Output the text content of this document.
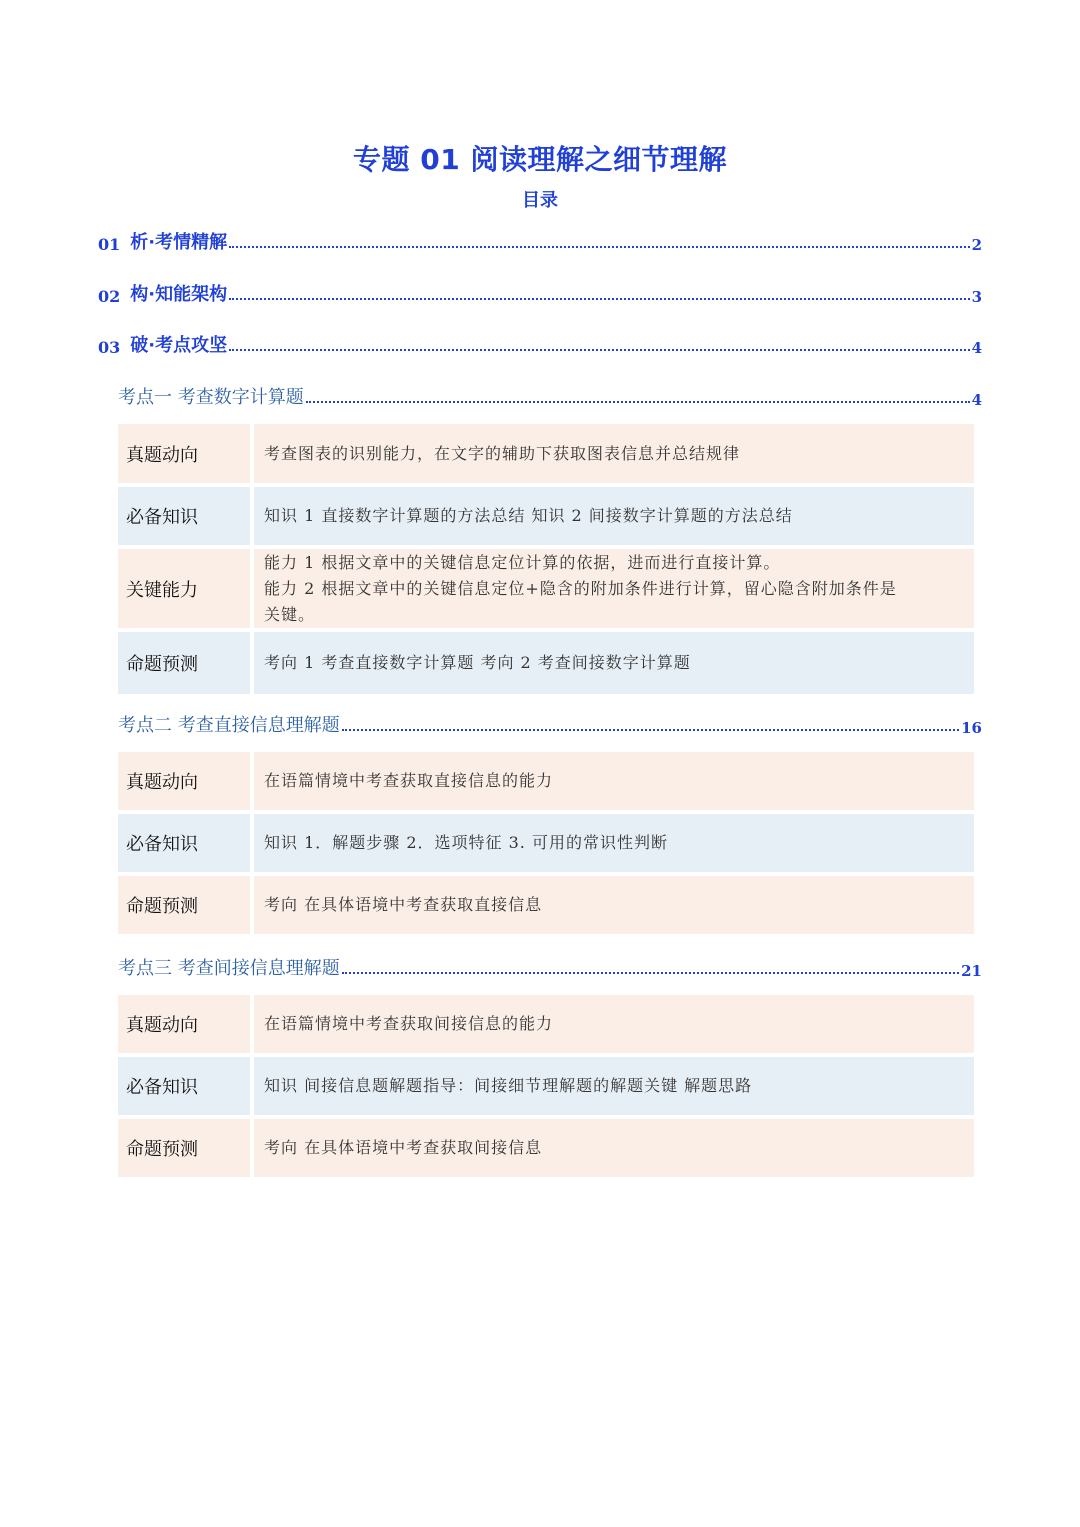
专题 01 阅读理解之细节理解
目录
01 析·考情精解	2
02 构·知能架构	3
03 破·考点攻坚	4
考点一 考查数字计算题	4
真题动向	考查图表的识别能力，在文字的辅助下获取图表信息并总结规律
必备知识	知识 1 直接数字计算题的方法总结 知识 2 间接数字计算题的方法总结
关键能力
能力 1 根据文章中的关键信息定位计算的依据，进而进行直接计算。
能力 2 根据文章中的关键信息定位+隐含的附加条件进行计算，留心隐含附加条件是
关键。
命题预测	考向 1 考查直接数字计算题 考向 2 考查间接数字计算题
考点二 考查直接信息理解题	16
真题动向	在语篇情境中考查获取直接信息的能力
必备知识	知识 1．解题步骤 2．选项特征 3. 可用的常识性判断
命题预测	考向 在具体语境中考查获取直接信息
考点三 考查间接信息理解题	21
真题动向	在语篇情境中考查获取间接信息的能力
必备知识	知识 间接信息题解题指导：间接细节理解题的解题关键 解题思路
命题预测	考向 在具体语境中考查获取间接信息
